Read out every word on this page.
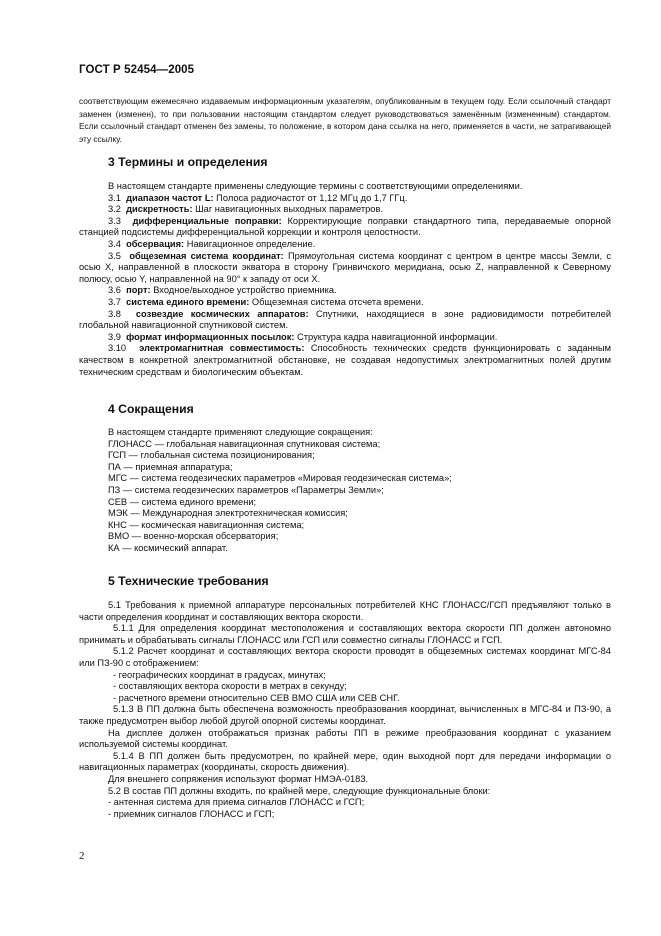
ГОСТ Р 52454—2005

соответствующим ежемесячно издаваемым информационным указателям, опубликованным в текущем году. Если ссылочный стандарт заменен (изменен), то при пользовании настоящим стандартом следует руководствоваться заменённым (измененным) стандартом. Если ссылочный стандарт отменен без замены, то положение, в котором дана ссылка на него, применяется в части, не затрагивающей эту ссылку.

3 Термины и определения

В настоящем стандарте применены следующие термины с соответствующими определениями.

3.1 диапазон частот L: Полоса радиочастот от 1,12 МГц до 1,7 ГГц.

3.2 дискретность: Шаг навигационных выходных параметров.

3.3 дифференциальные поправки: Корректирующие поправки стандартного типа, передаваемые опорной станцией подсистемы дифференциальной коррекции и контроля целостности.

3.4 обсервация: Навигационное определение.

3.5 общеземная система координат: Прямоугольная система координат с центром в центре массы Земли, с осью X, направленной в плоскости экватора в сторону Гринвичского меридиана, осью Z, направленной к Северному полюсу, осью Y, направленной на 90° к западу от оси X.

3.6 порт: Входное/выходное устройство приемника.

3.7 система единого времени: Общеземная система отсчета времени.

3.8 созвездие космических аппаратов: Спутники, находящиеся в зоне радиовидимости потребителей глобальной навигационной спутниковой систем.

3.9 формат информационных посылок: Структура кадра навигационной информации.

3.10 электромагнитная совместимость: Способность технических средств функционировать с заданным качеством в конкретной электромагнитной обстановке, не создавая недопустимых электромагнитных полей другим техническим средствам и биологическим объектам.

4 Сокращения

В настоящем стандарте применяют следующие сокращения:

ГЛОНАСС — глобальная навигационная спутниковая система;

ГСП — глобальная система позиционирования;

ПА — приемная аппаратура;

МГС — система геодезических параметров «Мировая геодезическая система»;

ПЗ — система геодезических параметров «Параметры Земли»;

СЕВ — система единого времени;

МЭК — Международная электротехническая комиссия;

КНС — космическая навигационная система;

ВМО — военно-морская обсерватория;

КА — космический аппарат.

5 Технические требования

5.1 Требования к приемной аппаратуре персональных потребителей КНС ГЛОНАСС/ГСП предъявляют только в части определения координат и составляющих вектора скорости.

5.1.1 Для определения координат местоположения и составляющих вектора скорости ПП должен автономно принимать и обрабатывать сигналы ГЛОНАСС или ГСП или совместно сигналы ГЛОНАСС и ГСП.

5.1.2 Расчет координат и составляющих вектора скорости проводят в общеземных системах координат МГС-84 или ПЗ-90 с отображением:

- географических координат в градусах, минутах;

- составляющих вектора скорости в метрах в секунду;

- расчетного времени относительно СЕВ ВМО США или СЕВ СНГ.

5.1.3 В ПП должна быть обеспечена возможность преобразования координат, вычисленных в МГС-84 и ПЗ-90, а также предусмотрен выбор любой другой опорной системы координат.

На дисплее должен отображаться признак работы ПП в режиме преобразования координат с указанием используемой системы координат.

5.1.4 В ПП должен быть предусмотрен, по крайней мере, один выходной порт для передачи информации о навигационных параметрах (координаты, скорость движения).

Для внешнего сопряжения используют формат НМЭА-0183.

5.2 В состав ПП должны входить, по крайней мере, следующие функциональные блоки:

- антенная система для приема сигналов ГЛОНАСС и ГСП;

- приемник сигналов ГЛОНАСС и ГСП;

2
